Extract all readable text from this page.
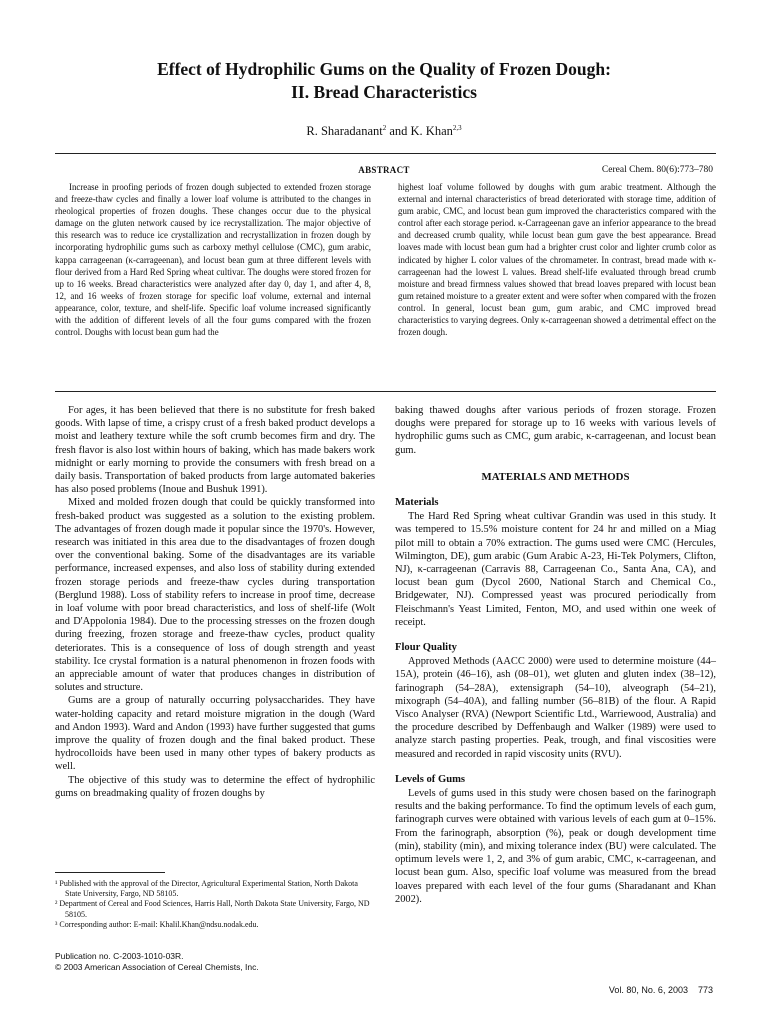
Effect of Hydrophilic Gums on the Quality of Frozen Dough:
II. Bread Characteristics
R. Sharadanant$^2$ and K. Khan$^{2,3}$
ABSTRACT	Cereal Chem. 80(6):773–780

Increase in proofing periods of frozen dough subjected to extended frozen storage and freeze-thaw cycles and finally a lower loaf volume is attributed to the changes in rheological properties of frozen doughs. These changes occur due to the physical damage on the gluten network caused by ice recrystallization. The major objective of this research was to reduce ice crystallization and recrystallization in frozen dough by incorporating hydrophilic gums such as carboxy methyl cellulose (CMC), gum arabic, kappa carrageenan (κ-carrageenan), and locust bean gum at three different levels with flour derived from a Hard Red Spring wheat cultivar. The doughs were stored frozen for up to 16 weeks. Bread characteristics were analyzed after day 0, day 1, and after 4, 8, 12, and 16 weeks of frozen storage for specific loaf volume, external and internal appearance, color, texture, and shelf-life. Specific loaf volume increased significantly with the addition of different levels of all the four gums compared with the frozen control. Doughs with locust bean gum had the

highest loaf volume followed by doughs with gum arabic treatment. Although the external and internal characteristics of bread deteriorated with storage time, addition of gum arabic, CMC, and locust bean gum improved the characteristics compared with the control after each storage period. κ-Carrageenan gave an inferior appearance to the bread and decreased crumb quality, while locust bean gum gave the best appearance. Bread loaves made with locust bean gum had a brighter crust color and lighter crumb color as indicated by higher L color values of the chromameter. In contrast, bread made with κ-carrageenan had the lowest L values. Bread shelf-life evaluated through bread crumb moisture and bread firmness values showed that bread loaves prepared with locust bean gum retained moisture to a greater extent and were softer when compared with the frozen control. In general, locust bean gum, gum arabic, and CMC improved bread characteristics to varying degrees. Only κ-carrageenan showed a detrimental effect on the frozen dough.

For ages, it has been believed that there is no substitute for fresh baked goods. With lapse of time, a crispy crust of a fresh baked product develops a moist and leathery texture while the soft crumb becomes firm and dry. The fresh flavor is also lost within hours of baking, which has made bakers work midnight or early morning to provide the consumers with fresh bread on a daily basis. Transportation of baked products from large automated bakeries has also posed problems (Inoue and Bushuk 1991).

Mixed and molded frozen dough that could be quickly transformed into fresh-baked product was suggested as a solution to the existing problem. The advantages of frozen dough made it popular since the 1970's. However, research was initiated in this area due to the disadvantages of frozen dough over the conventional baking. Some of the disadvantages are its variable performance, increased expenses, and also loss of stability during extended frozen storage periods and freeze-thaw cycles during transportation (Berglund 1988). Loss of stability refers to increase in proof time, decrease in loaf volume with poor bread characteristics, and loss of shelf-life (Wolt and D'Appolonia 1984). Due to the processing stresses on the frozen dough during freezing, frozen storage and freeze-thaw cycles, product quality deteriorates. This is a consequence of loss of dough strength and yeast stability. Ice crystal formation is a natural phenomenon in frozen foods with an appreciable amount of water that produces changes in distribution of solutes and structure.

Gums are a group of naturally occurring polysaccharides. They have water-holding capacity and retard moisture migration in the dough (Ward and Andon 1993). Ward and Andon (1993) have further suggested that gums improve the quality of frozen dough and the final baked product. These hydrocolloids have been used in many other types of bakery products as well.

The objective of this study was to determine the effect of hydrophilic gums on breadmaking quality of frozen doughs by

¹ Published with the approval of the Director, Agricultural Experimental Station, North Dakota State University, Fargo, ND 58105.
² Department of Cereal and Food Sciences, Harris Hall, North Dakota State University, Fargo, ND 58105.
³ Corresponding author: E-mail: Khalil.Khan@ndsu.nodak.edu.
Publication no. C-2003-1010-03R.
© 2003 American Association of Cereal Chemists, Inc.

baking thawed doughs after various periods of frozen storage. Frozen doughs were prepared for storage up to 16 weeks with various levels of hydrophilic gums such as CMC, gum arabic, κ-carrageenan, and locust bean gum.

MATERIALS AND METHODS
Materials

The Hard Red Spring wheat cultivar Grandin was used in this study. It was tempered to 15.5% moisture content for 24 hr and milled on a Miag pilot mill to obtain a 70% extraction. The gums used were CMC (Hercules, Wilmington, DE), gum arabic (Gum Arabic A-23, Hi-Tek Polymers, Clifton, NJ), κ-carrageenan (Carravis 88, Carrageenan Co., Santa Ana, CA), and locust bean gum (Dycol 2600, National Starch and Chemical Co., Bridgewater, NJ). Compressed yeast was procured periodically from Fleischmann's Yeast Limited, Fenton, MO, and used within one week of receipt.

Flour Quality

Approved Methods (AACC 2000) were used to determine moisture (44–15A), protein (46–16), ash (08–01), wet gluten and gluten index (38–12), farinograph (54–28A), extensigraph (54–10), alveograph (54–21), mixograph (54–40A), and falling number (56–81B) of the flour. A Rapid Visco Analyser (RVA) (Newport Scientific Ltd., Warriewood, Australia) and the procedure described by Deffenbaugh and Walker (1989) were used to analyze starch pasting properties. Peak, trough, and final viscosities were measured and recorded in rapid viscosity units (RVU).

Levels of Gums

Levels of gums used in this study were chosen based on the farinograph results and the baking performance. To find the optimum levels of each gum, farinograph curves were obtained with various levels of each gum at 0–15%. From the farinograph, absorption (%), peak or dough development time (min), stability (min), and mixing tolerance index (BU) were calculated. The optimum levels were 1, 2, and 3% of gum arabic, CMC, κ-carrageenan, and locust bean gum. Also, specific loaf volume was measured from the bread loaves prepared with each level of the four gums (Sharadanant and Khan 2002).

Vol. 80, No. 6, 2003 773
